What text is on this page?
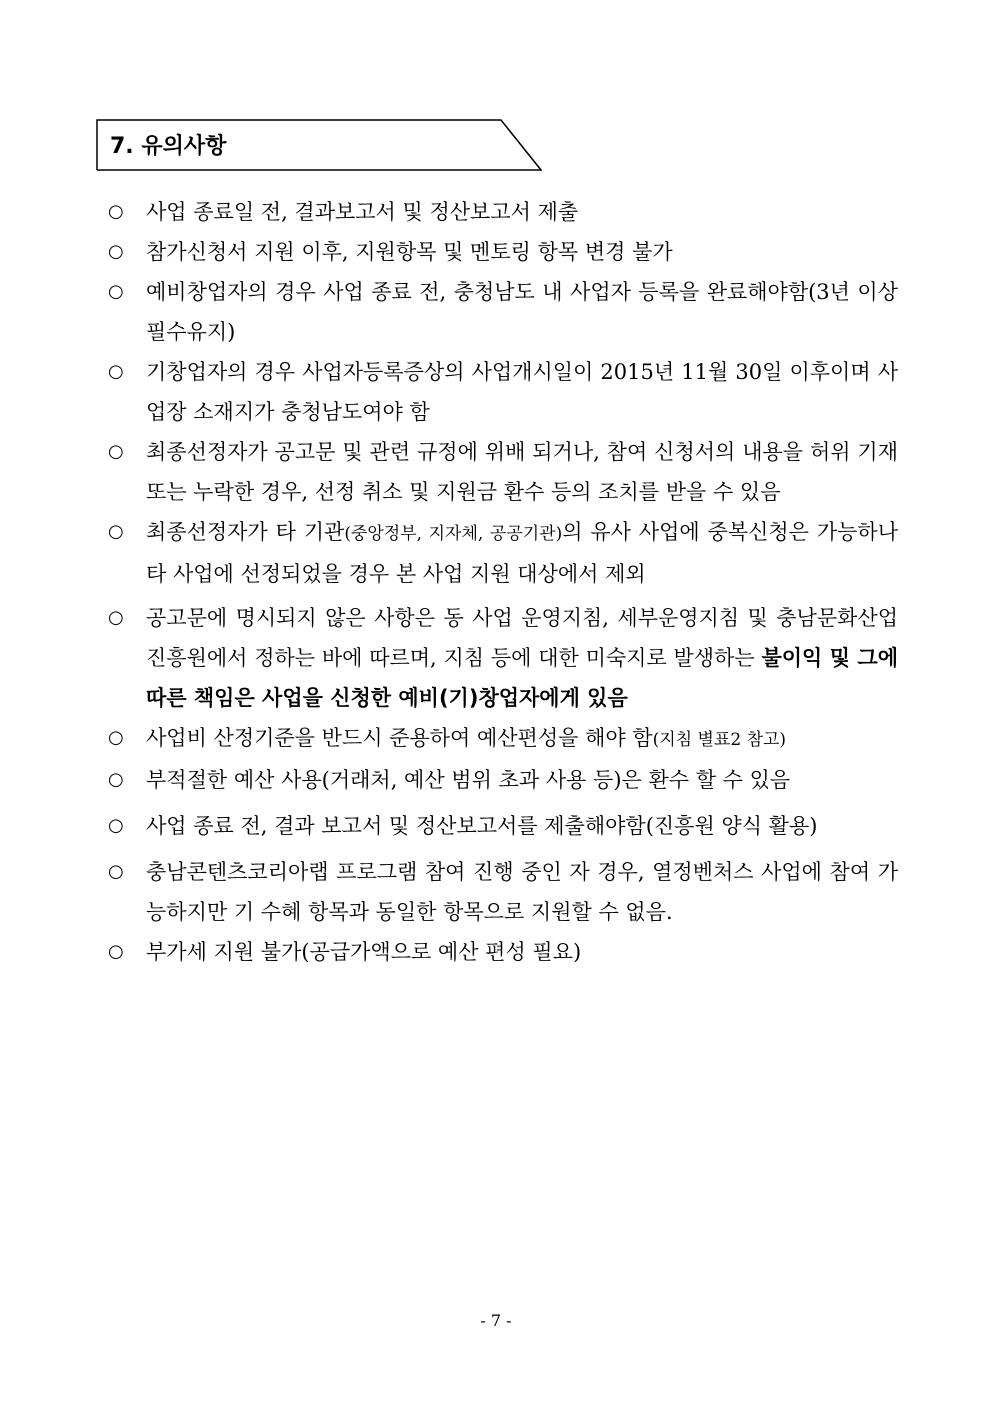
7. 유의사항
○ 사업 종료일 전, 결과보고서 및 정산보고서 제출
○ 참가신청서 지원 이후, 지원항목 및 멘토링 항목 변경 불가
○ 예비창업자의 경우 사업 종료 전, 충청남도 내 사업자 등록을 완료해야함(3년 이상 필수유지)
○ 기창업자의 경우 사업자등록증상의 사업개시일이 2015년 11월 30일 이후이며 사업장 소재지가 충청남도여야 함
○ 최종선정자가 공고문 및 관련 규정에 위배 되거나, 참여 신청서의 내용을 허위 기재 또는 누락한 경우, 선정 취소 및 지원금 환수 등의 조치를 받을 수 있음
○ 최종선정자가 타 기관(중앙정부, 지자체, 공공기관)의 유사 사업에 중복신청은 가능하나 타 사업에 선정되었을 경우 본 사업 지원 대상에서 제외
○ 공고문에 명시되지 않은 사항은 동 사업 운영지침, 세부운영지침 및 충남문화산업진흥원에서 정하는 바에 따르며, 지침 등에 대한 미숙지로 발생하는 불이익 및 그에 따른 책임은 사업을 신청한 예비(기)창업자에게 있음
○ 사업비 산정기준을 반드시 준용하여 예산편성을 해야 함(지침 별표2 참고)
○ 부적절한 예산 사용(거래처, 예산 범위 초과 사용 등)은 환수 할 수 있음
○ 사업 종료 전, 결과 보고서 및 정산보고서를 제출해야함(진흥원 양식 활용)
○ 충남콘텐츠코리아랩 프로그램 참여 진행 중인 자 경우, 열정벤처스 사업에 참여 가능하지만 기 수혜 항목과 동일한 항목으로 지원할 수 없음.
○ 부가세 지원 불가(공급가액으로 예산 편성 필요)
- 7 -
